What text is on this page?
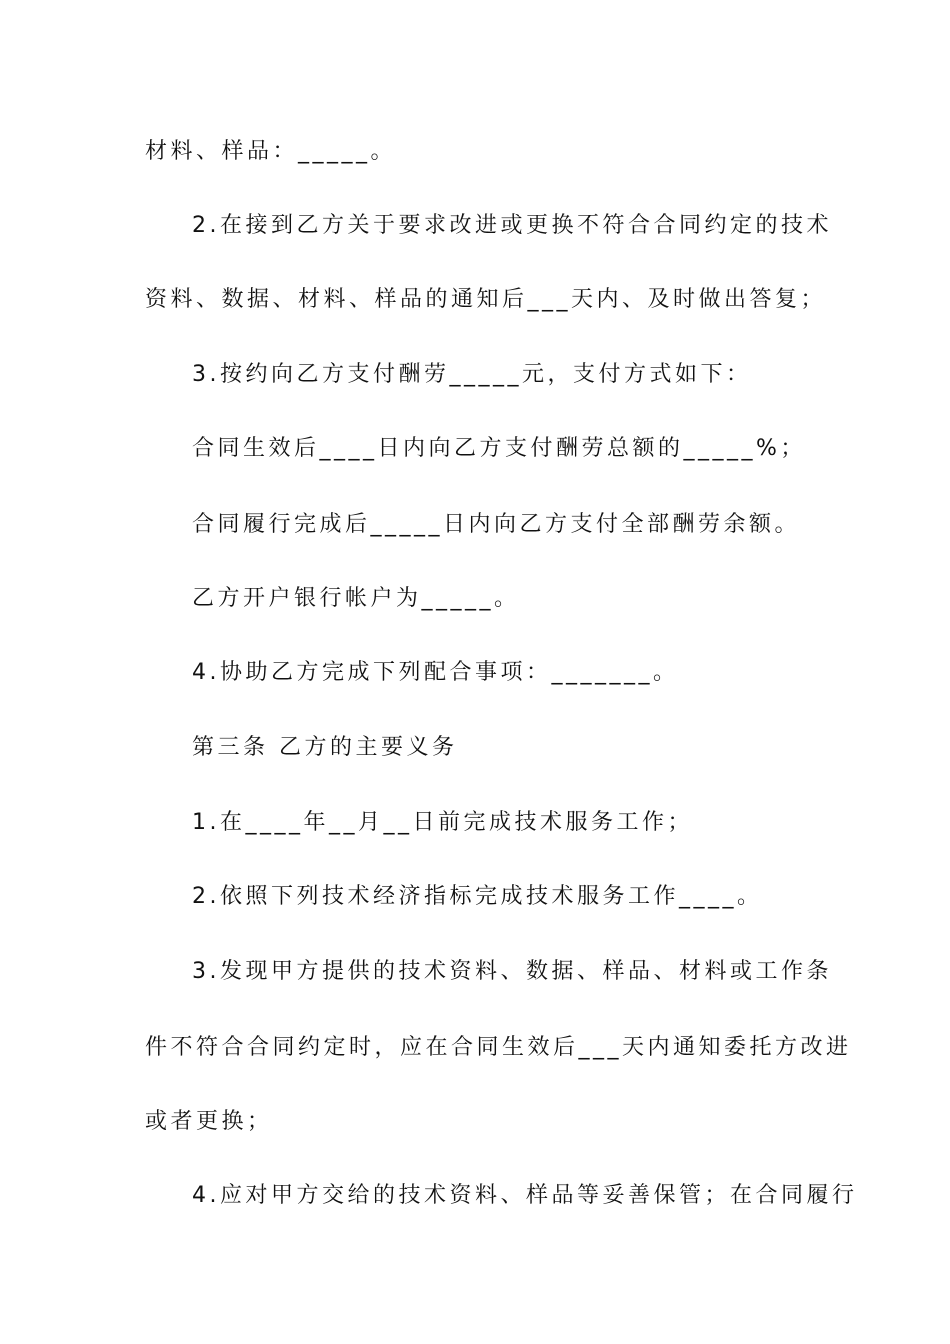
材料、样品：_____。
2.在接到乙方关于要求改进或更换不符合合同约定的技术
资料、数据、材料、样品的通知后___天内、及时做出答复；
3.按约向乙方支付酬劳_____元，支付方式如下：
合同生效后____日内向乙方支付酬劳总额的_____%；
合同履行完成后_____日内向乙方支付全部酬劳余额。
乙方开户银行帐户为_____。
4.协助乙方完成下列配合事项：_______。
第三条 乙方的主要义务
1.在____年__月__日前完成技术服务工作；
2.依照下列技术经济指标完成技术服务工作____。
3.发现甲方提供的技术资料、数据、样品、材料或工作条
件不符合合同约定时，应在合同生效后___天内通知委托方改进
或者更换；
4.应对甲方交给的技术资料、样品等妥善保管；在合同履行
